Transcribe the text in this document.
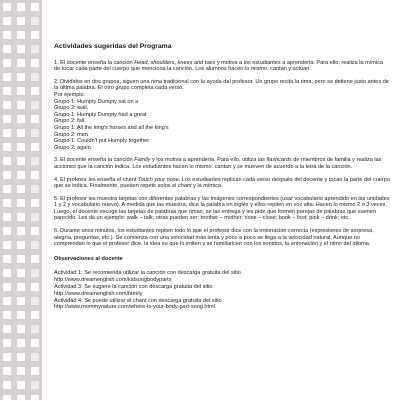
Actividades sugeridas del Programa

1. El docente enseña la canción Head, shoulders, knees and toes y motiva a los estudiantes a aprenderla. Para ello, realiza la mímica de tocar cada parte del cuerpo que menciona la canción. Los alumnos hacen lo mismo, cantan y actúan.

2. Divididos en dos grupos, siguen una rima tradicional con la ayuda del profesor. Un grupo recita la rima, pero se detiene justo antes de la última palabra. El otro grupo completa cada verso.
Por ejemplo:

Grupo 1: Humpty Dumpty sat on a
Grupo 2: wall,
Grupo 1: Humpty Dumpty had a great
Grupo 2: fall.
Grupo 1: All the king's horses and all the king's
Grupo 2: men
Grupo 1: Couldn't put Humpty together
Grupo 2: again.

3. El docente enseña la canción Family y los motiva a aprenderla. Para ello, utiliza las flashcards de miembros de familia y realiza las acciones que la canción indica. Los estudiantes hacen lo mismo: cantan y se mueven de acuerdo a la letra de la canción.

4. El profesor les enseña el chant Touch your nose. Los estudiantes replican cada verso después del docente y tocan la parte del cuerpo que se indica. Finalmente, pueden repetir solos el chant y la mímica.

5. El profesor les muestra tarjetas con diferentes palabras y las imágenes correspondientes (usar vocabulario aprendido en las unidades 1 y 2 y vocabulario nuevo). A medida que las muestra, dice la palabra en inglés y ellos repiten en voz alta. Hacen lo mismo 2 o 3 veces. Luego, el docente escoge las tarjetas de palabras que riman, se las entrega y les pide que formen parejas de palabras que suenen parecido. Les da un ejemplo: walk – talk; otras pueden ser: brother – mother; nose – close; book – foot; pink – drink; etc.

6. Durante unos minutos, los estudiantes repiten todo lo que el profesor dice con la entonación correcta (expresiones de sorpresa, alegría, preguntas, etc.). Se comienza con una velocidad más lenta y poco a poco se llega a la velocidad natural. Aunque no comprendan lo que el profesor dice, la idea es que lo imiten y se familiaricen con los sonidos, la entonación y el ritmo del idioma.

Observaciones al docente
Actividad 1: Se recomienda utilizar la canción con descarga gratuita del sitio
http://www.dreamenglish.com/kidsongbodyparts
Actividad 3: Se sugiere la canción con descarga gratuita del sitio
http://www.dreamenglish.com/family
Actividad 4: Se puede utilizar el chant con descarga gratuita del sitio
http://www.mommynature.com/where-is-your-body-part-song.html
